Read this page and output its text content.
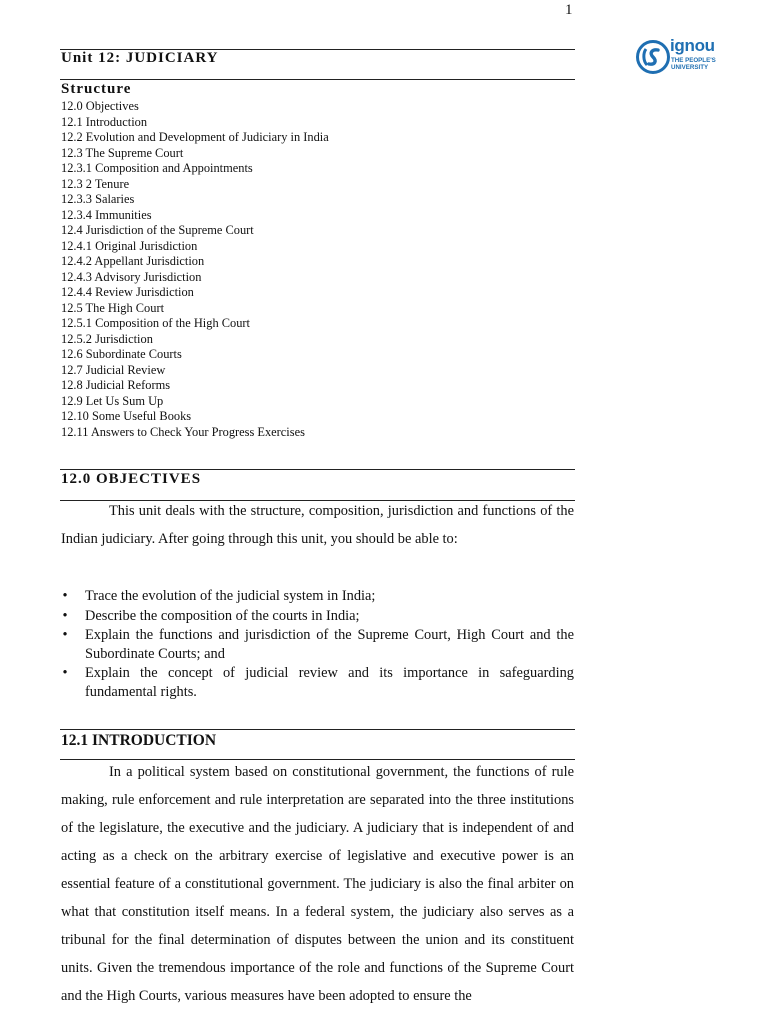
1
ignou
THE PEOPLE'S
UNIVERSITY
Unit 12: JUDICIARY
Structure
12.0 Objectives
12.1 Introduction
12.2 Evolution and Development of Judiciary in India
12.3 The Supreme Court
12.3.1 Composition and Appointments
12.3 2 Tenure
12.3.3 Salaries
12.3.4 Immunities
12.4 Jurisdiction of the Supreme Court
12.4.1 Original Jurisdiction
12.4.2 Appellant Jurisdiction
12.4.3 Advisory Jurisdiction
12.4.4 Review Jurisdiction
12.5 The High Court
12.5.1 Composition of the High Court
12.5.2 Jurisdiction
12.6 Subordinate Courts
12.7 Judicial Review
12.8 Judicial Reforms
12.9 Let Us Sum Up
12.10 Some Useful Books
12.11 Answers to Check Your Progress Exercises
12.0 OBJECTIVES

This unit deals with the structure, composition, jurisdiction and functions of the Indian judiciary. After going through this unit, you should be able to:

• Trace the evolution of the judicial system in India;
• Describe the composition of the courts in India;
• Explain the functions and jurisdiction of the Supreme Court, High Court and the Subordinate Courts; and
• Explain the concept of judicial review and its importance in safeguarding fundamental rights.
12.1 INTRODUCTION

In a political system based on constitutional government, the functions of rule making, rule enforcement and rule interpretation are separated into the three institutions of the legislature, the executive and the judiciary. A judiciary that is independent of and acting as a check on the arbitrary exercise of legislative and executive power is an essential feature of a constitutional government. The judiciary is also the final arbiter on what that constitution itself means. In a federal system, the judiciary also serves as a tribunal for the final determination of disputes between the union and its constituent units. Given the tremendous importance of the role and functions of the Supreme Court and the High Courts, various measures have been adopted to ensure the
